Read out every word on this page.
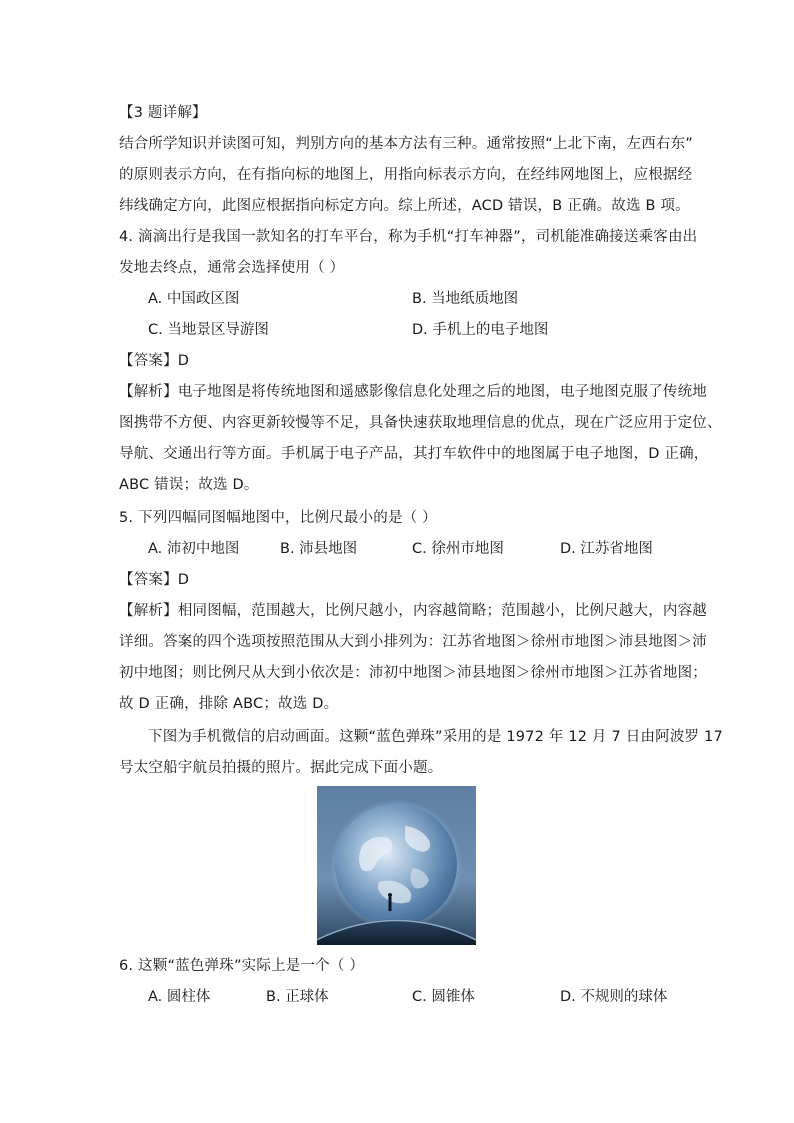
【3 题详解】
结合所学知识并读图可知，判别方向的基本方法有三种。通常按照“上北下南，左西右东”
的原则表示方向，在有指向标的地图上，用指向标表示方向，在经纬网地图上，应根据经
纬线确定方向，此图应根据指向标定方向。综上所述，ACD 错误，B 正确。故选 B 项。
4. 滴滴出行是我国一款知名的打车平台，称为手机“打车神器”，司机能准确接送乘客由出
发地去终点，通常会选择使用（ ）
A. 中国政区图	B. 当地纸质地图
C. 当地景区导游图	D. 手机上的电子地图
【答案】D
【解析】电子地图是将传统地图和遥感影像信息化处理之后的地图，电子地图克服了传统地
图携带不方便、内容更新较慢等不足，具备快速获取地理信息的优点，现在广泛应用于定位、
导航、交通出行等方面。手机属于电子产品，其打车软件中的地图属于电子地图，D 正确，
ABC 错误；故选 D。
5. 下列四幅同图幅地图中，比例尺最小的是（ ）
A. 沛初中地图	B. 沛县地图	C. 徐州市地图	D. 江苏省地图
【答案】D
【解析】相同图幅，范围越大，比例尺越小，内容越简略；范围越小，比例尺越大，内容越
详细。答案的四个选项按照范围从大到小排列为：江苏省地图＞徐州市地图＞沛县地图＞沛
初中地图；则比例尺从大到小依次是：沛初中地图＞沛县地图＞徐州市地图＞江苏省地图；
故 D 正确，排除 ABC；故选 D。
下图为手机微信的启动画面。这颗“蓝色弹珠”采用的是 1972 年 12 月 7 日由阿波罗 17
号太空船宇航员拍摄的照片。据此完成下面小题。
6. 这颗“蓝色弹珠”实际上是一个（ ）
A. 圆柱体	B. 正球体	C. 圆锥体	D. 不规则的球体
